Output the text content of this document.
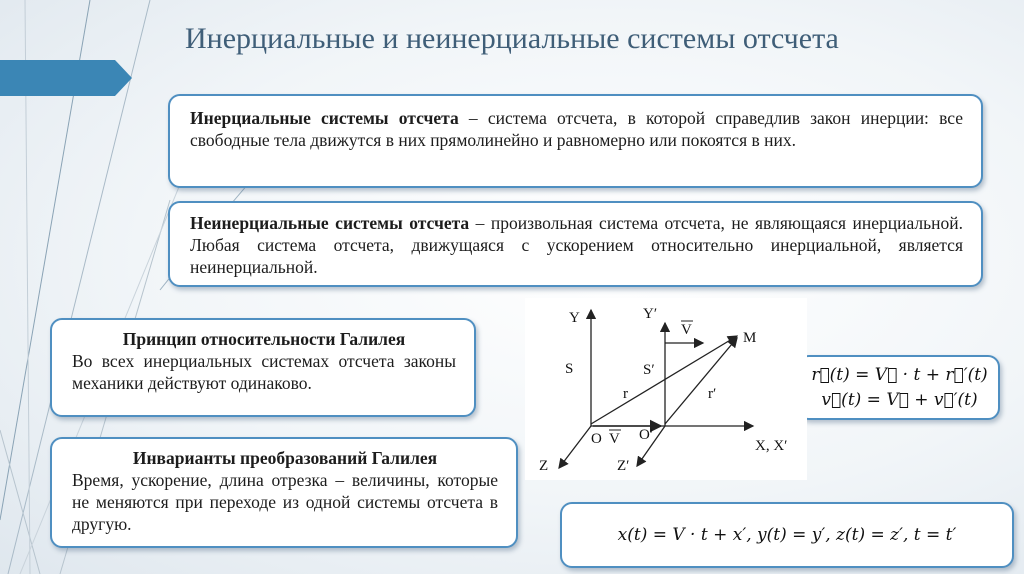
Инерциальные и неинерциальные системы отсчета
Инерциальные системы отсчета – система отсчета, в которой справедлив закон инерции: все свободные тела движутся в них прямолинейно и равномерно или покоятся в них.
Неинерциальные системы отсчета – произвольная система отсчета, не являющаяся инерциальной. Любая система отсчета, движущаяся с ускорением относительно инерциальной, является неинерциальной.
Принцип относительности Галилея
Во всех инерциальных системах отсчета законы механики действуют одинаково.
Инварианты преобразований Галилея
Время, ускорение, длина отрезка – величины, которые не меняются при переходе из одной системы отсчета в другую.
r⃗(t) = V⃗ · t + r⃗′(t)
v⃗(t) = V⃗ + v⃗′(t)
x(t) = V · t + x′, y(t) = y′, z(t) = z′, t = t′
Y	Y′
V	M
S	S′
r	r′
O V O′
X, X′
Z	Z′
